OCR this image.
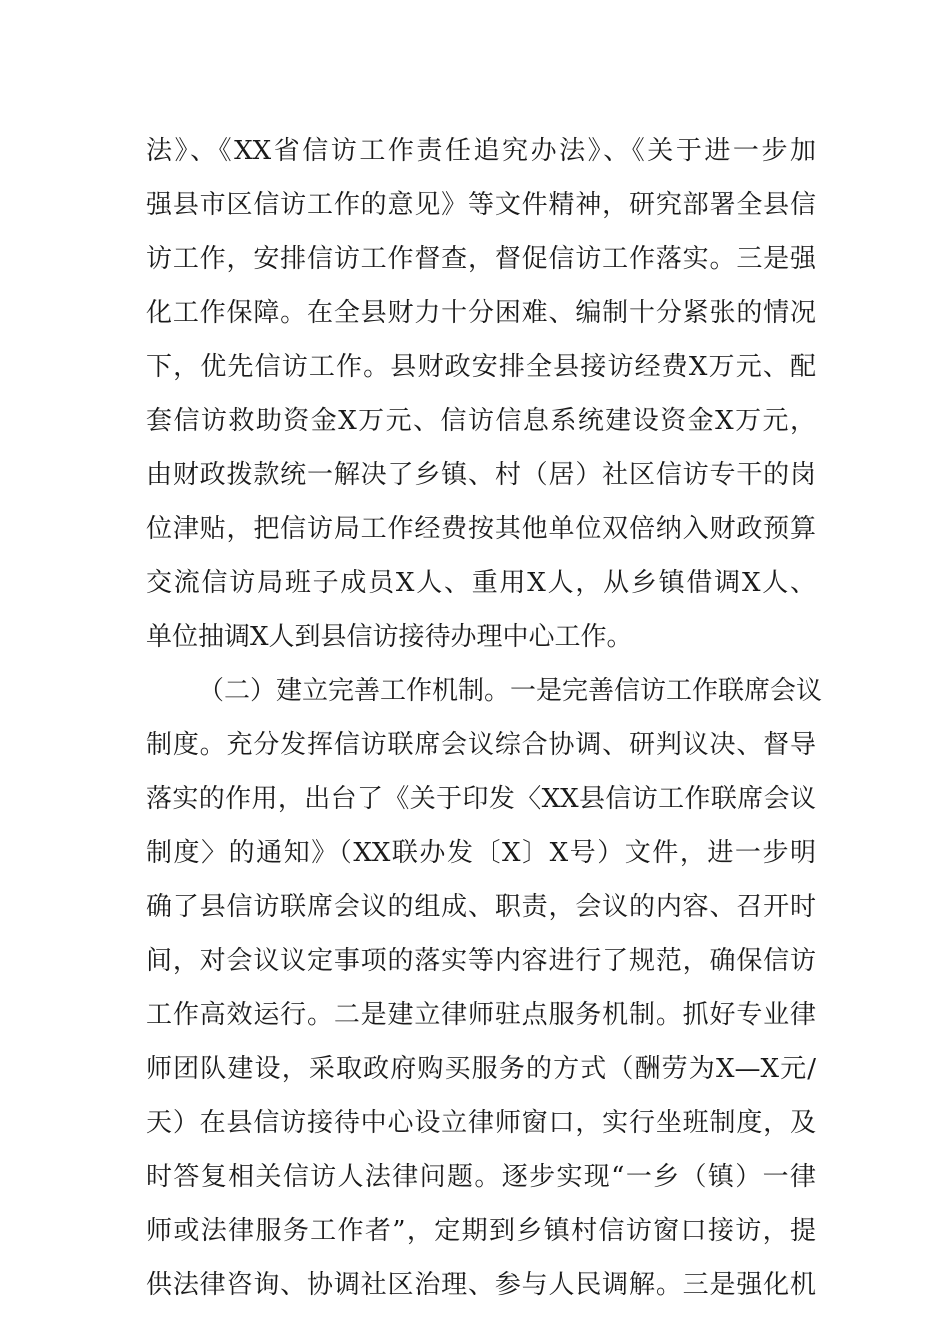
法》、《XX省信访工作责任追究办法》、《关于进一步加
强县市区信访工作的意见》等文件精神，研究部署全县信
访工作，安排信访工作督查，督促信访工作落实。三是强
化工作保障。在全县财力十分困难、编制十分紧张的情况
下，优先信访工作。县财政安排全县接访经费X万元、配
套信访救助资金X万元、信访信息系统建设资金X万元，
由财政拨款统一解决了乡镇、村（居）社区信访专干的岗
位津贴，把信访局工作经费按其他单位双倍纳入财政预算
交流信访局班子成员X人、重用X人，从乡镇借调X人、
单位抽调X人到县信访接待办理中心工作。
（二）建立完善工作机制。一是完善信访工作联席会议
制度。充分发挥信访联席会议综合协调、研判议决、督导
落实的作用，出台了《关于印发〈XX县信访工作联席会议
制度〉的通知》（XX联办发〔X〕X号）文件，进一步明
确了县信访联席会议的组成、职责，会议的内容、召开时
间，对会议议定事项的落实等内容进行了规范，确保信访
工作高效运行。二是建立律师驻点服务机制。抓好专业律
师团队建设，采取政府购买服务的方式（酬劳为X—X元/
天）在县信访接待中心设立律师窗口，实行坐班制度，及
时答复相关信访人法律问题。逐步实现“一乡（镇）一律
师或法律服务工作者”，定期到乡镇村信访窗口接访，提
供法律咨询、协调社区治理、参与人民调解。三是强化机
